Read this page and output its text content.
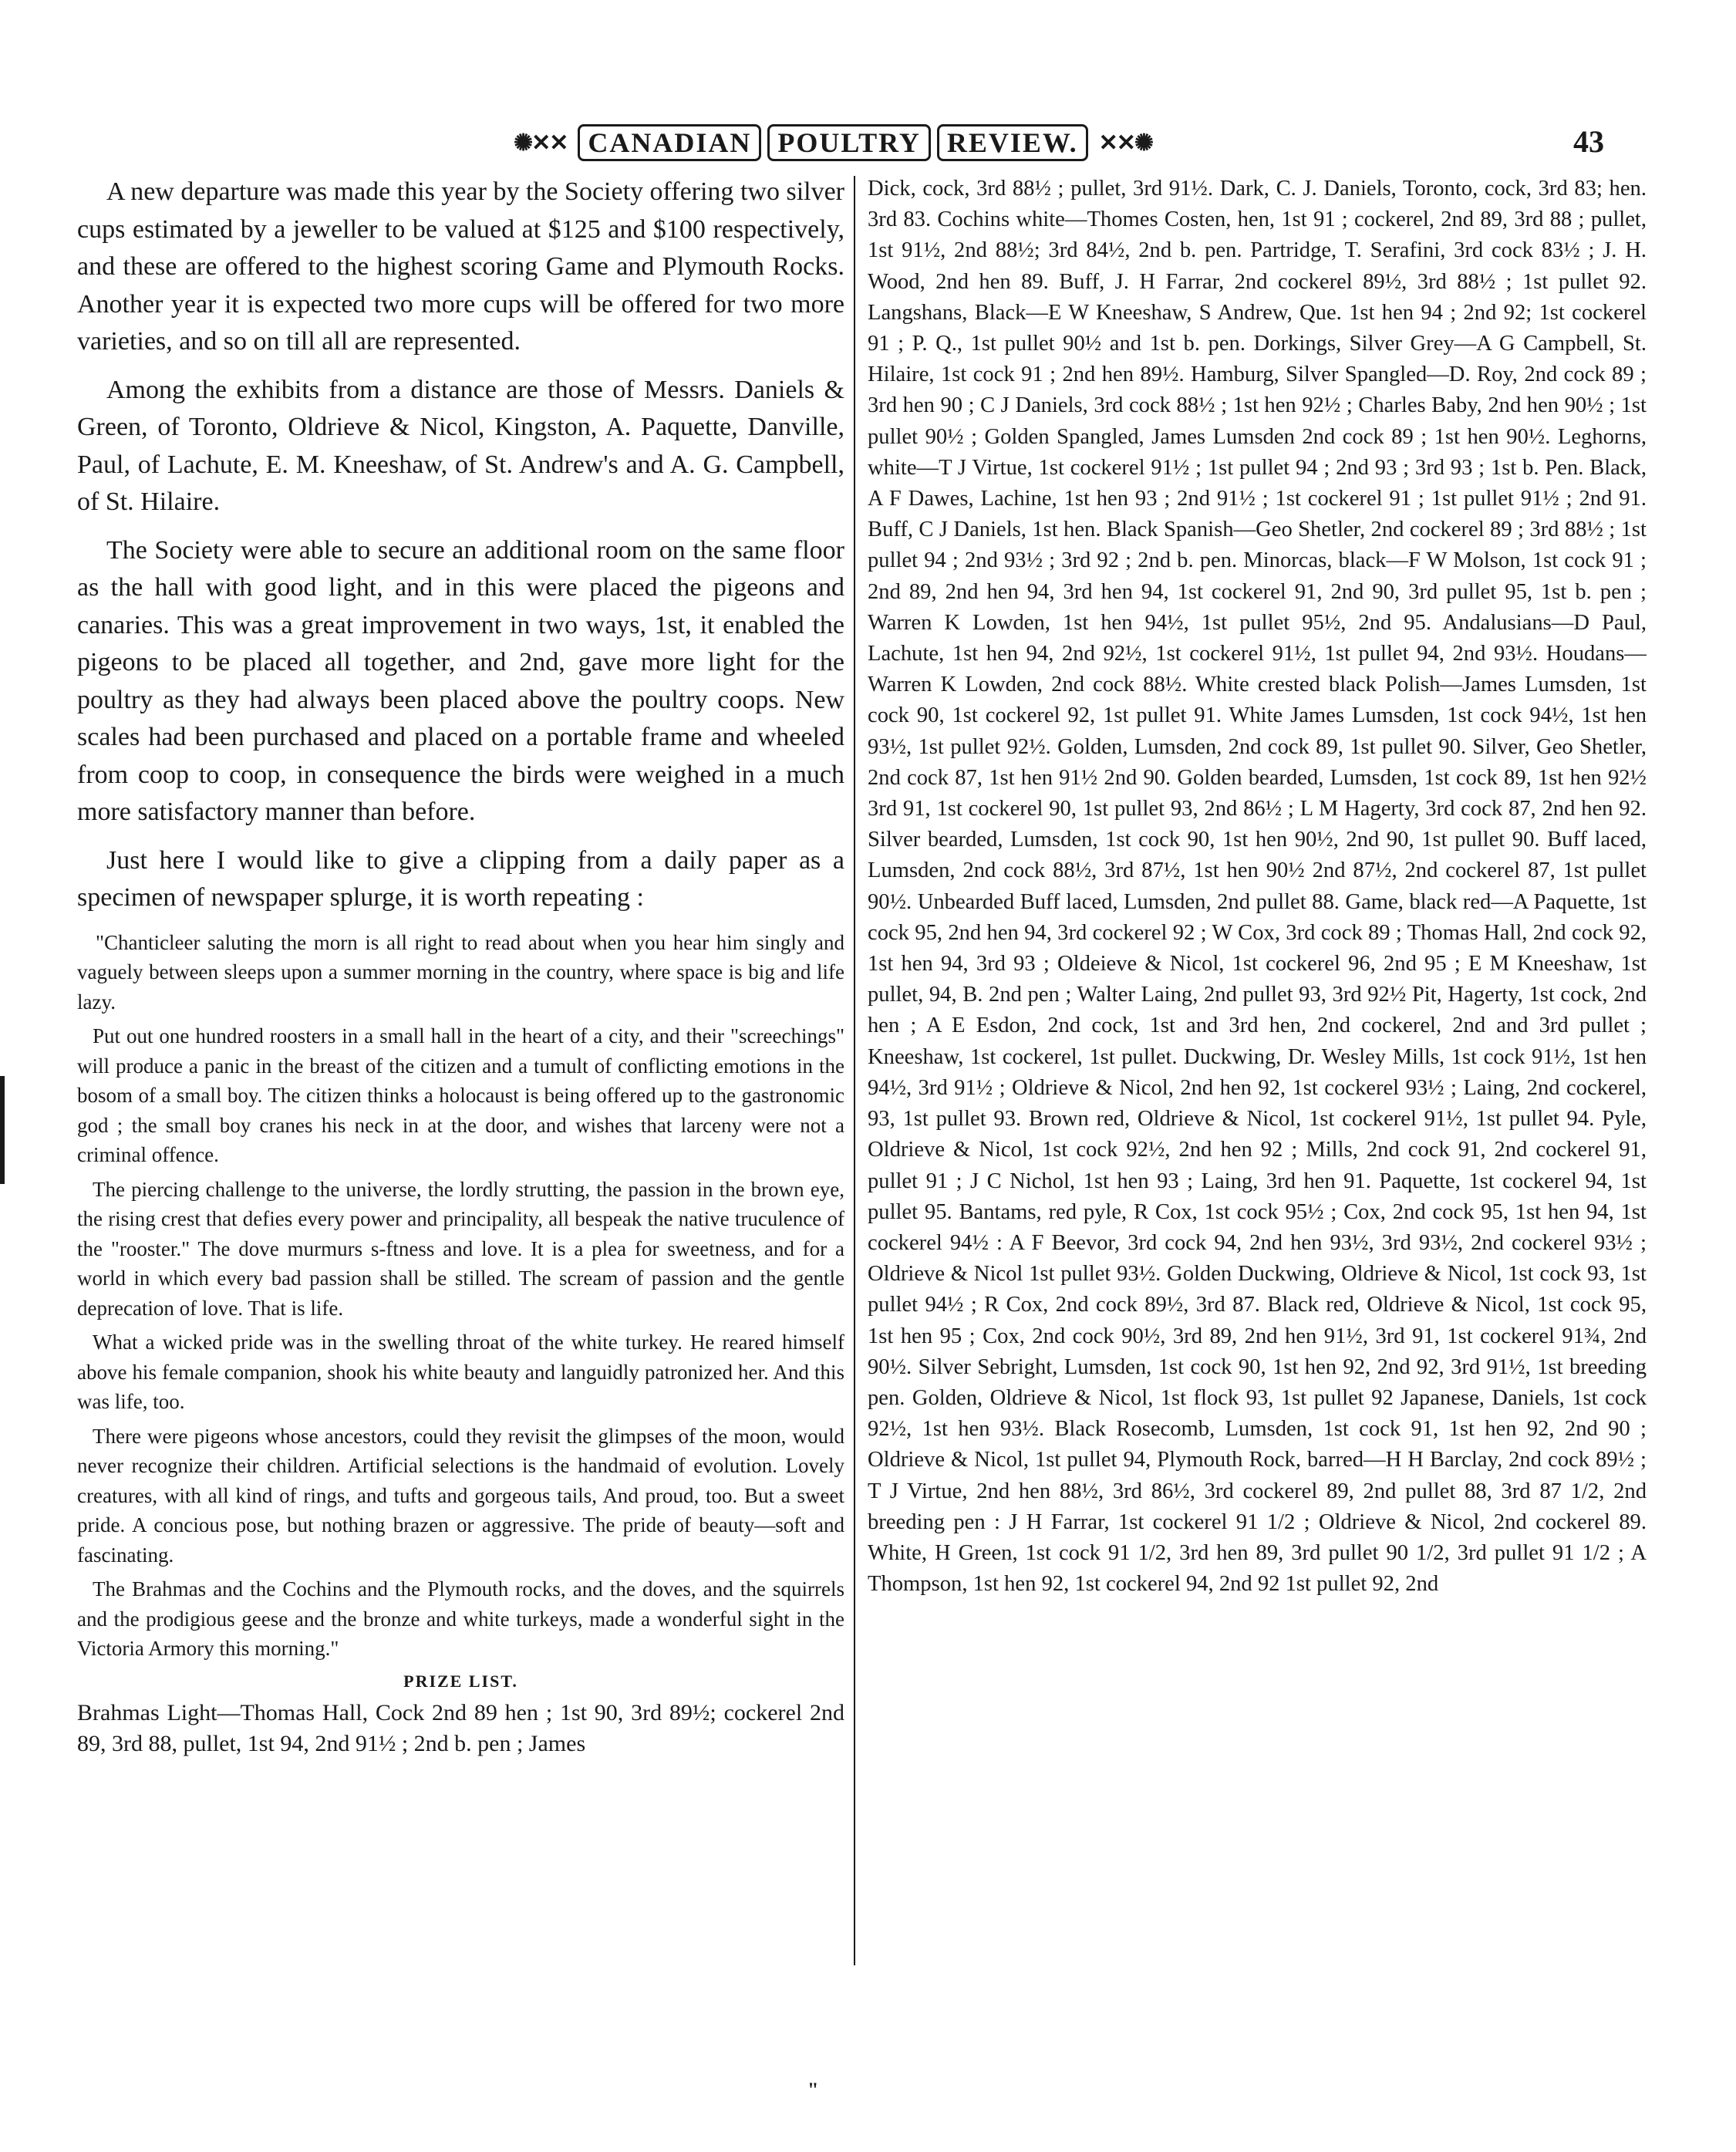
✺✕✕ CANADIAN POULTRY REVIEW. ✕✕✺	43

A new departure was made this year by the Society offering two silver cups estimated by a jeweller to be valued at $125 and $100 respectively, and these are offered to the highest scoring Game and Plymouth Rocks. Another year it is expected two more cups will be offered for two more varieties, and so on till all are represented.

Among the exhibits from a distance are those of Messrs. Daniels & Green, of Toronto, Oldrieve & Nicol, Kingston, A. Paquette, Danville, Paul, of Lachute, E. M. Kneeshaw, of St. Andrew's and A. G. Campbell, of St. Hilaire.

The Society were able to secure an additional room on the same floor as the hall with good light, and in this were placed the pigeons and canaries. This was a great improvement in two ways, 1st, it enabled the pigeons to be placed all together, and 2nd, gave more light for the poultry as they had always been placed above the poultry coops. New scales had been purchased and placed on a portable frame and wheeled from coop to coop, in consequence the birds were weighed in a much more satisfactory manner than before.

Just here I would like to give a clipping from a daily paper as a specimen of newspaper splurge, it is worth repeating :

"Chanticleer saluting the morn is all right to read about when you hear him singly and vaguely between sleeps upon a summer morning in the country, where space is big and life lazy.

Put out one hundred roosters in a small hall in the heart of a city, and their "screechings" will produce a panic in the breast of the citizen and a tumult of conflicting emotions in the bosom of a small boy. The citizen thinks a holocaust is being offered up to the gastronomic god ; the small boy cranes his neck in at the door, and wishes that larceny were not a criminal offence.

The piercing challenge to the universe, the lordly strutting, the passion in the brown eye, the rising crest that defies every power and principality, all bespeak the native truculence of the "rooster." The dove murmurs s-ftness and love. It is a plea for sweetness, and for a world in which every bad passion shall be stilled. The scream of passion and the gentle deprecation of love. That is life.

What a wicked pride was in the swelling throat of the white turkey. He reared himself above his female companion, shook his white beauty and languidly patronized her. And this was life, too.

There were pigeons whose ancestors, could they revisit the glimpses of the moon, would never recognize their children. Artificial selections is the handmaid of evolution. Lovely creatures, with all kind of rings, and tufts and gorgeous tails, And proud, too. But a sweet pride. A concious pose, but nothing brazen or aggressive. The pride of beauty—soft and fascinating.

The Brahmas and the Cochins and the Plymouth rocks, and the doves, and the squirrels and the prodigious geese and the bronze and white turkeys, made a wonderful sight in the Victoria Armory this morning."

PRIZE LIST.

Brahmas Light—Thomas Hall, Cock 2nd 89 hen ; 1st 90, 3rd 89½; cockerel 2nd 89, 3rd 88, pullet, 1st 94, 2nd 91½ ; 2nd b. pen ; James

Dick, cock, 3rd 88½ ; pullet, 3rd 91½. Dark, C. J. Daniels, Toronto, cock, 3rd 83; hen. 3rd 83. Cochins white—Thomes Costen, hen, 1st 91 ; cockerel, 2nd 89, 3rd 88 ; pullet, 1st 91½, 2nd 88½; 3rd 84½, 2nd b. pen. Partridge, T. Serafini, 3rd cock 83½ ; J. H. Wood, 2nd hen 89. Buff, J. H Farrar, 2nd cockerel 89½, 3rd 88½ ; 1st pullet 92. Langshans, Black—E W Kneeshaw, S Andrew, Que. 1st hen 94 ; 2nd 92; 1st cockerel 91 ; P. Q., 1st pullet 90½ and 1st b. pen. Dorkings, Silver Grey—A G Campbell, St. Hilaire, 1st cock 91 ; 2nd hen 89½. Hamburg, Silver Spangled—D. Roy, 2nd cock 89 ; 3rd hen 90 ; C J Daniels, 3rd cock 88½ ; 1st hen 92½ ; Charles Baby, 2nd hen 90½ ; 1st pullet 90½ ; Golden Spangled, James Lumsden 2nd cock 89 ; 1st hen 90½. Leghorns, white—T J Virtue, 1st cockerel 91½ ; 1st pullet 94 ; 2nd 93 ; 3rd 93 ; 1st b. Pen. Black, A F Dawes, Lachine, 1st hen 93 ; 2nd 91½ ; 1st cockerel 91 ; 1st pullet 91½ ; 2nd 91. Buff, C J Daniels, 1st hen. Black Spanish—Geo Shetler, 2nd cockerel 89 ; 3rd 88½ ; 1st pullet 94 ; 2nd 93½ ; 3rd 92 ; 2nd b. pen. Minorcas, black—F W Molson, 1st cock 91 ; 2nd 89, 2nd hen 94, 3rd hen 94, 1st cockerel 91, 2nd 90, 3rd pullet 95, 1st b. pen ; Warren K Lowden, 1st hen 94½, 1st pullet 95½, 2nd 95. Andalusians—D Paul, Lachute, 1st hen 94, 2nd 92½, 1st cockerel 91½, 1st pullet 94, 2nd 93½. Houdans—Warren K Lowden, 2nd cock 88½. White crested black Polish—James Lumsden, 1st cock 90, 1st cockerel 92, 1st pullet 91. White James Lumsden, 1st cock 94½, 1st hen 93½, 1st pullet 92½. Golden, Lumsden, 2nd cock 89, 1st pullet 90. Silver, Geo Shetler, 2nd cock 87, 1st hen 91½ 2nd 90. Golden bearded, Lumsden, 1st cock 89, 1st hen 92½ 3rd 91, 1st cockerel 90, 1st pullet 93, 2nd 86½ ; L M Hagerty, 3rd cock 87, 2nd hen 92. Silver bearded, Lumsden, 1st cock 90, 1st hen 90½, 2nd 90, 1st pullet 90. Buff laced, Lumsden, 2nd cock 88½, 3rd 87½, 1st hen 90½ 2nd 87½, 2nd cockerel 87, 1st pullet 90½. Unbearded Buff laced, Lumsden, 2nd pullet 88. Game, black red—A Paquette, 1st cock 95, 2nd hen 94, 3rd cockerel 92 ; W Cox, 3rd cock 89 ; Thomas Hall, 2nd cock 92, 1st hen 94, 3rd 93 ; Oldeieve & Nicol, 1st cockerel 96, 2nd 95 ; E M Kneeshaw, 1st pullet, 94, B. 2nd pen ; Walter Laing, 2nd pullet 93, 3rd 92½ Pit, Hagerty, 1st cock, 2nd hen ; A E Esdon, 2nd cock, 1st and 3rd hen, 2nd cockerel, 2nd and 3rd pullet ; Kneeshaw, 1st cockerel, 1st pullet. Duckwing, Dr. Wesley Mills, 1st cock 91½, 1st hen 94½, 3rd 91½ ; Oldrieve & Nicol, 2nd hen 92, 1st cockerel 93½ ; Laing, 2nd cockerel, 93, 1st pullet 93. Brown red, Oldrieve & Nicol, 1st cockerel 91½, 1st pullet 94. Pyle, Oldrieve & Nicol, 1st cock 92½, 2nd hen 92 ; Mills, 2nd cock 91, 2nd cockerel 91, pullet 91 ; J C Nichol, 1st hen 93 ; Laing, 3rd hen 91. Paquette, 1st cockerel 94, 1st pullet 95. Bantams, red pyle, R Cox, 1st cock 95½ ; Cox, 2nd cock 95, 1st hen 94, 1st cockerel 94½ : A F Beevor, 3rd cock 94, 2nd hen 93½, 3rd 93½, 2nd cockerel 93½ ; Oldrieve & Nicol 1st pullet 93½. Golden Duckwing, Oldrieve & Nicol, 1st cock 93, 1st pullet 94½ ; R Cox, 2nd cock 89½, 3rd 87. Black red, Oldrieve & Nicol, 1st cock 95, 1st hen 95 ; Cox, 2nd cock 90½, 3rd 89, 2nd hen 91½, 3rd 91, 1st cockerel 91¾, 2nd 90½. Silver Sebright, Lumsden, 1st cock 90, 1st hen 92, 2nd 92, 3rd 91½, 1st breeding pen. Golden, Oldrieve & Nicol, 1st flock 93, 1st pullet 92 Japanese, Daniels, 1st cock 92½, 1st hen 93½. Black Rosecomb, Lumsden, 1st cock 91, 1st hen 92, 2nd 90 ; Oldrieve & Nicol, 1st pullet 94, Plymouth Rock, barred—H H Barclay, 2nd cock 89½ ; T J Virtue, 2nd hen 88½, 3rd 86½, 3rd cockerel 89, 2nd pullet 88, 3rd 87 1/2, 2nd breeding pen : J H Farrar, 1st cockerel 91 1/2 ; Oldrieve & Nicol, 2nd cockerel 89. White, H Green, 1st cock 91 1/2, 3rd hen 89, 3rd pullet 90 1/2, 3rd pullet 91 1/2 ; A Thompson, 1st hen 92, 1st cockerel 94, 2nd 92 1st pullet 92, 2nd

"
